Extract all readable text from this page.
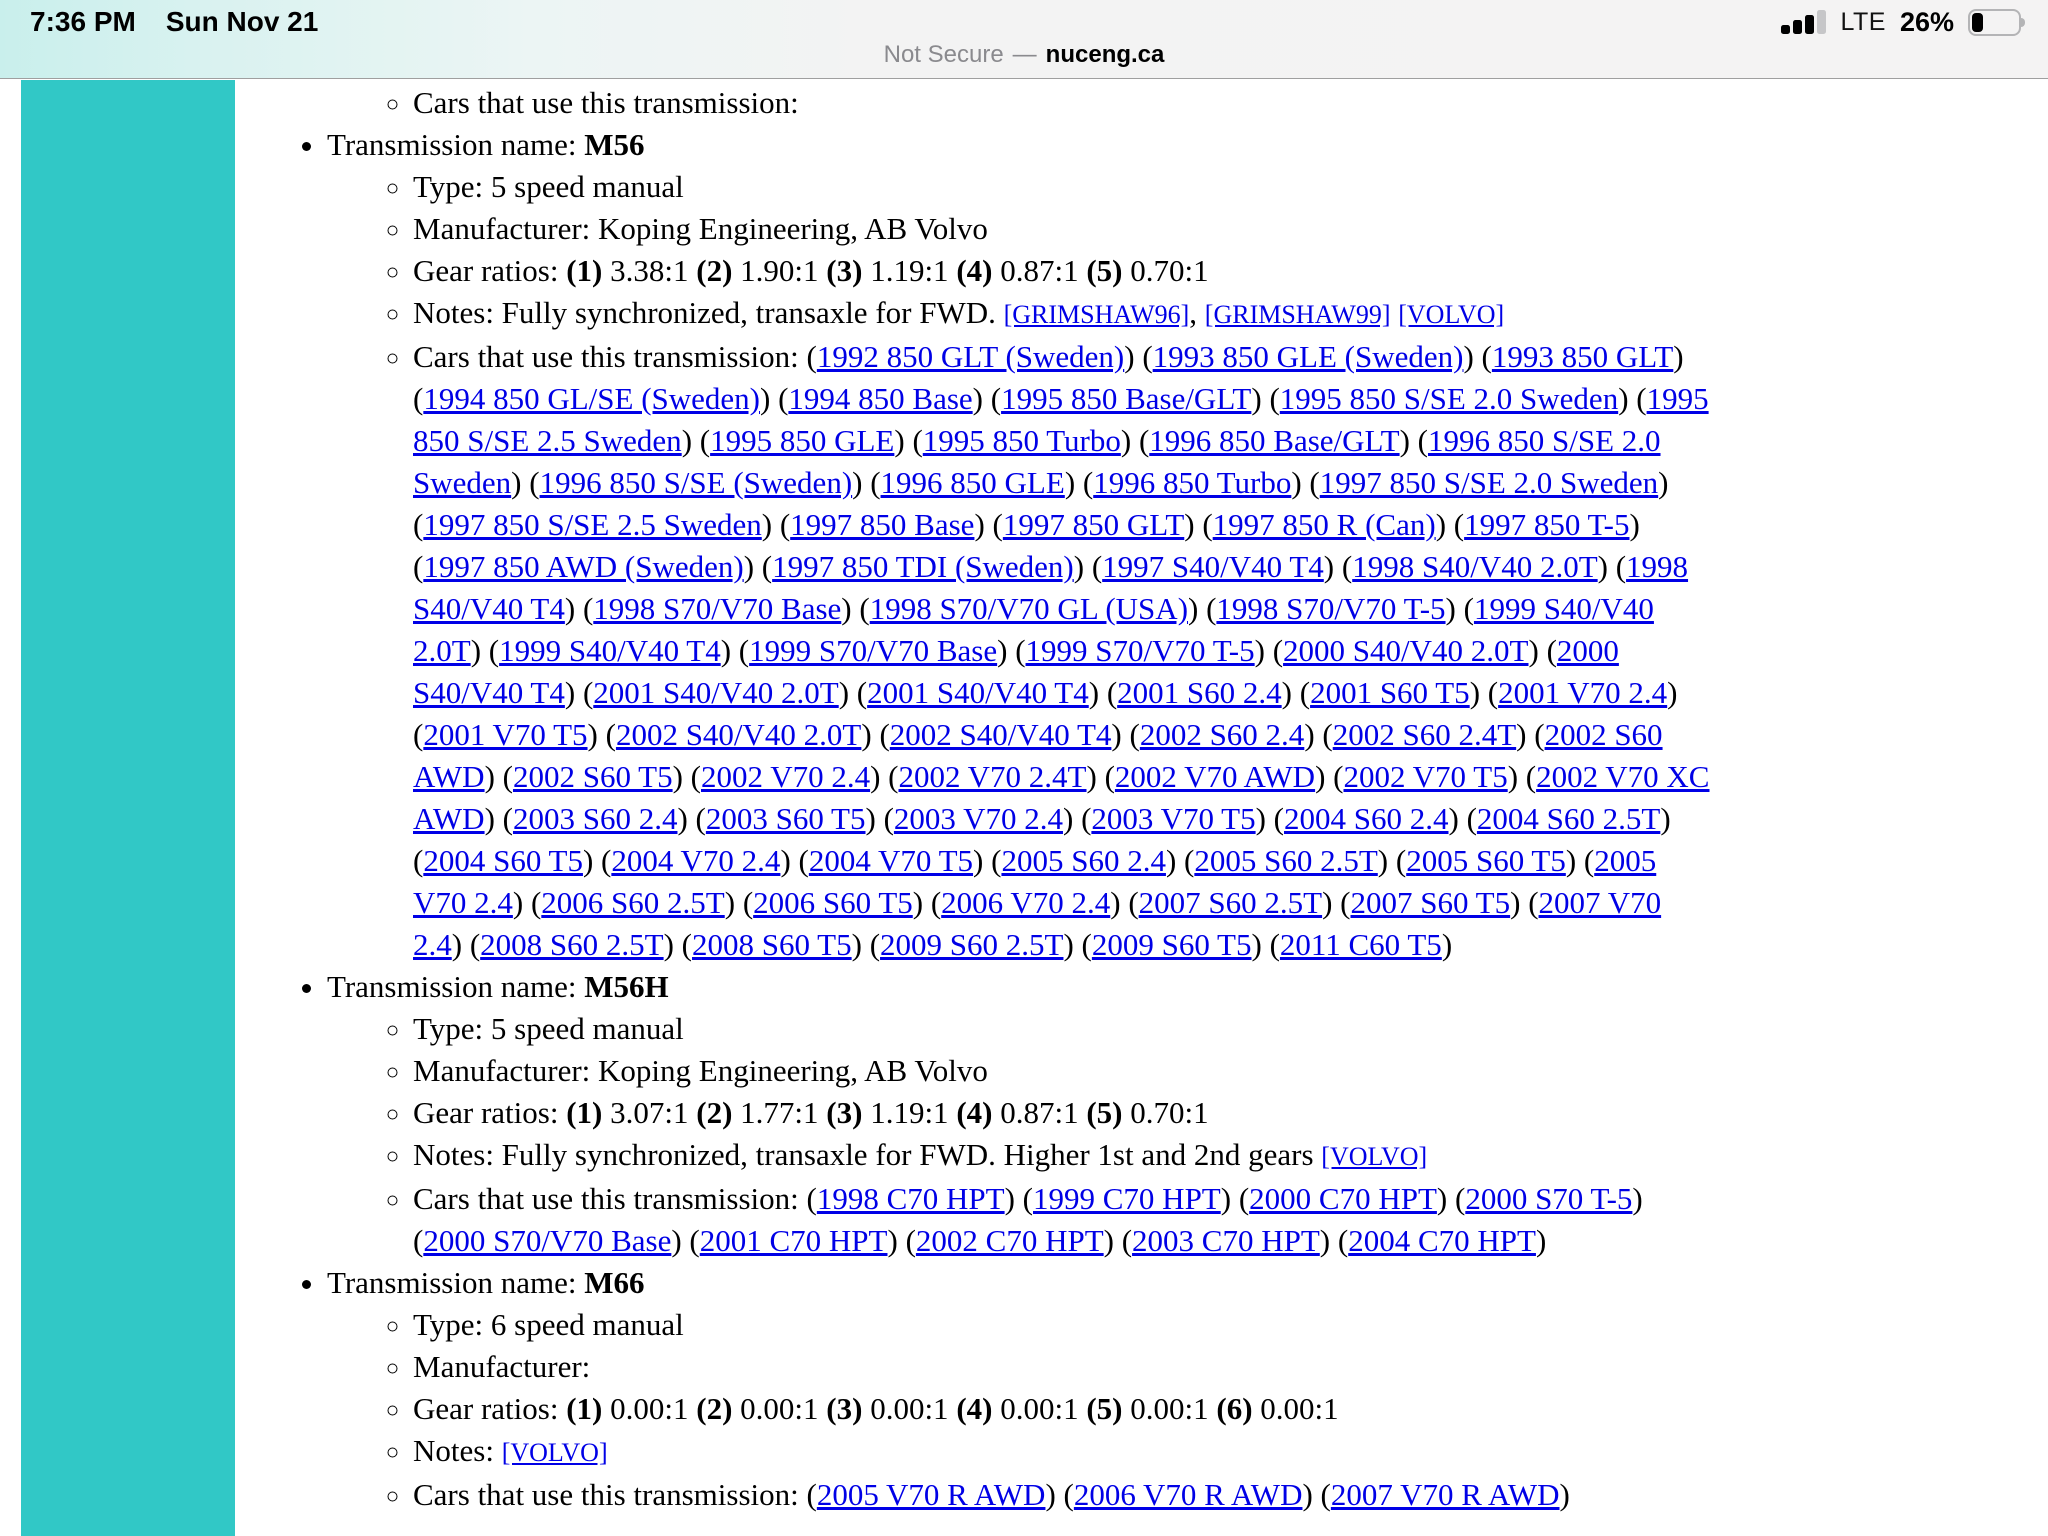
7:36 PM Sun Nov 21	LTE 26%
Not Secure — nuceng.ca
◦ Cars that use this transmission:
• Transmission name: M56
◦ Type: 5 speed manual
◦ Manufacturer: Koping Engineering, AB Volvo
◦ Gear ratios: (1) 3.38:1 (2) 1.90:1 (3) 1.19:1 (4) 0.87:1 (5) 0.70:1
◦ Notes: Fully synchronized, transaxle for FWD. [GRIMSHAW96], [GRIMSHAW99] [VOLVO]
◦ Cars that use this transmission: (1992 850 GLT (Sweden)) (1993 850 GLE (Sweden)) (1993 850 GLT) (1994 850 GL/SE (Sweden)) (1994 850 Base) (1995 850 Base/GLT) (1995 850 S/SE 2.0 Sweden) (1995 850 S/SE 2.5 Sweden) (1995 850 GLE) (1995 850 Turbo) (1996 850 Base/GLT) (1996 850 S/SE 2.0 Sweden) (1996 850 S/SE (Sweden)) (1996 850 GLE) (1996 850 Turbo) (1997 850 S/SE 2.0 Sweden) (1997 850 S/SE 2.5 Sweden) (1997 850 Base) (1997 850 GLT) (1997 850 R (Can)) (1997 850 T-5) (1997 850 AWD (Sweden)) (1997 850 TDI (Sweden)) (1997 S40/V40 T4) (1998 S40/V40 2.0T) (1998 S40/V40 T4) (1998 S70/V70 Base) (1998 S70/V70 GL (USA)) (1998 S70/V70 T-5) (1999 S40/V40 2.0T) (1999 S40/V40 T4) (1999 S70/V70 Base) (1999 S70/V70 T-5) (2000 S40/V40 2.0T) (2000 S40/V40 T4) (2001 S40/V40 2.0T) (2001 S40/V40 T4) (2001 S60 2.4) (2001 S60 T5) (2001 V70 2.4) (2001 V70 T5) (2002 S40/V40 2.0T) (2002 S40/V40 T4) (2002 S60 2.4) (2002 S60 2.4T) (2002 S60 AWD) (2002 S60 T5) (2002 V70 2.4) (2002 V70 2.4T) (2002 V70 AWD) (2002 V70 T5) (2002 V70 XC AWD) (2003 S60 2.4) (2003 S60 T5) (2003 V70 2.4) (2003 V70 T5) (2004 S60 2.4) (2004 S60 2.5T) (2004 S60 T5) (2004 V70 2.4) (2004 V70 T5) (2005 S60 2.4) (2005 S60 2.5T) (2005 S60 T5) (2005 V70 2.4) (2006 S60 2.5T) (2006 S60 T5) (2006 V70 2.4) (2007 S60 2.5T) (2007 S60 T5) (2007 V70 2.4) (2008 S60 2.5T) (2008 S60 T5) (2009 S60 2.5T) (2009 S60 T5) (2011 C60 T5)
• Transmission name: M56H
◦ Type: 5 speed manual
◦ Manufacturer: Koping Engineering, AB Volvo
◦ Gear ratios: (1) 3.07:1 (2) 1.77:1 (3) 1.19:1 (4) 0.87:1 (5) 0.70:1
◦ Notes: Fully synchronized, transaxle for FWD. Higher 1st and 2nd gears [VOLVO]
◦ Cars that use this transmission: (1998 C70 HPT) (1999 C70 HPT) (2000 C70 HPT) (2000 S70 T-5) (2000 S70/V70 Base) (2001 C70 HPT) (2002 C70 HPT) (2003 C70 HPT) (2004 C70 HPT)
• Transmission name: M66
◦ Type: 6 speed manual
◦ Manufacturer:
◦ Gear ratios: (1) 0.00:1 (2) 0.00:1 (3) 0.00:1 (4) 0.00:1 (5) 0.00:1 (6) 0.00:1
◦ Notes: [VOLVO]
◦ Cars that use this transmission: (2005 V70 R AWD) (2006 V70 R AWD) (2007 V70 R AWD)
